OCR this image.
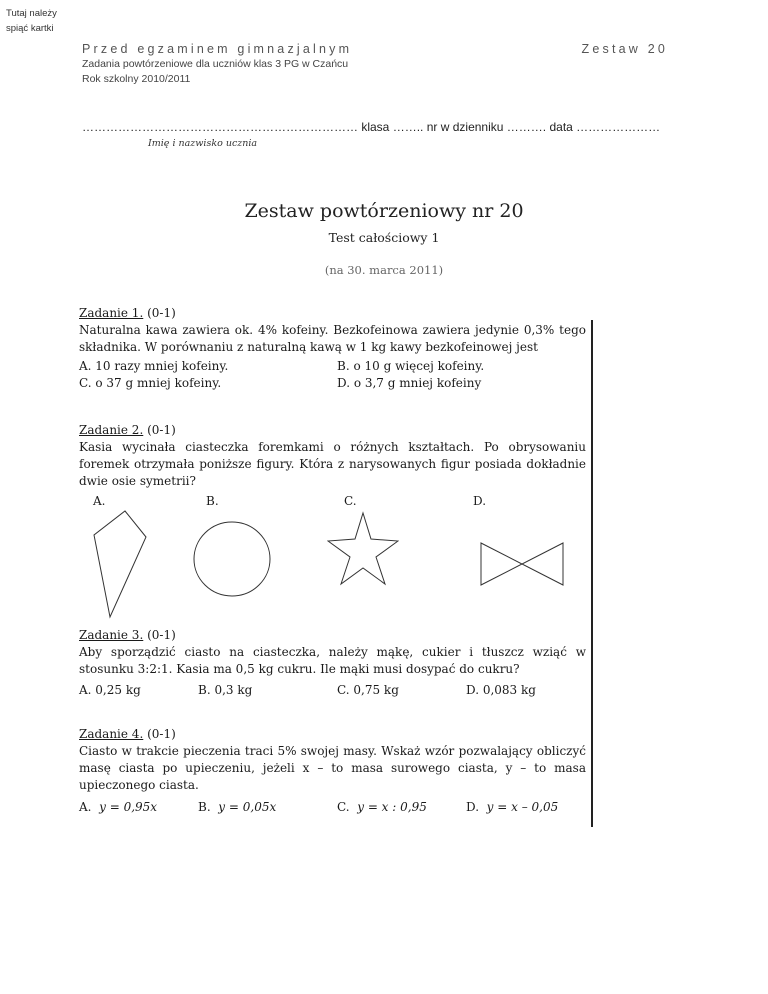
Tutaj należy
spiąć kartki
Przed egzaminem gimnazjalnym	Zestaw 20
Zadania powtórzeniowe dla uczniów klas 3 PG w Czańcu
Rok szkolny 2010/2011
…………………………………………………………… klasa …….. nr w dzienniku ………. data …………………
Imię i nazwisko ucznia
Zestaw powtórzeniowy nr 20
Test całościowy 1
(na 30. marca 2011)
Zadanie 1. (0-1)

Naturalna kawa zawiera ok. 4% kofeiny. Bezkofeinowa zawiera jedynie 0,3% tego składnika. W porównaniu z naturalną kawą w 1 kg kawy bezkofeinowej jest

A. 10 razy mniej kofeiny.	B. o 10 g więcej kofeiny.
C. o 37 g mniej kofeiny.	D. o 3,7 g mniej kofeiny
Zadanie 2. (0-1)

Kasia wycinała ciasteczka foremkami o różnych kształtach. Po obrysowaniu foremek otrzymała poniższe figury. Która z narysowanych figur posiada dokładnie dwie osie symetrii?

A.	B.	C.	D.
Zadanie 3. (0-1)

Aby sporządzić ciasto na ciasteczka, należy mąkę, cukier i tłuszcz wziąć w stosunku 3:2:1. Kasia ma 0,5 kg cukru. Ile mąki musi dosypać do cukru?

A. 0,25 kg	B. 0,3 kg	C. 0,75 kg	D. 0,083 kg
Zadanie 4. (0-1)

Ciasto w trakcie pieczenia traci 5% swojej masy. Wskaż wzór pozwalający obliczyć masę ciasta po upieczeniu, jeżeli x – to masa surowego ciasta, y – to masa upieczonego ciasta.

A. y = 0,95x	B. y = 0,05x	C. y = x : 0,95	D. y = x – 0,05
